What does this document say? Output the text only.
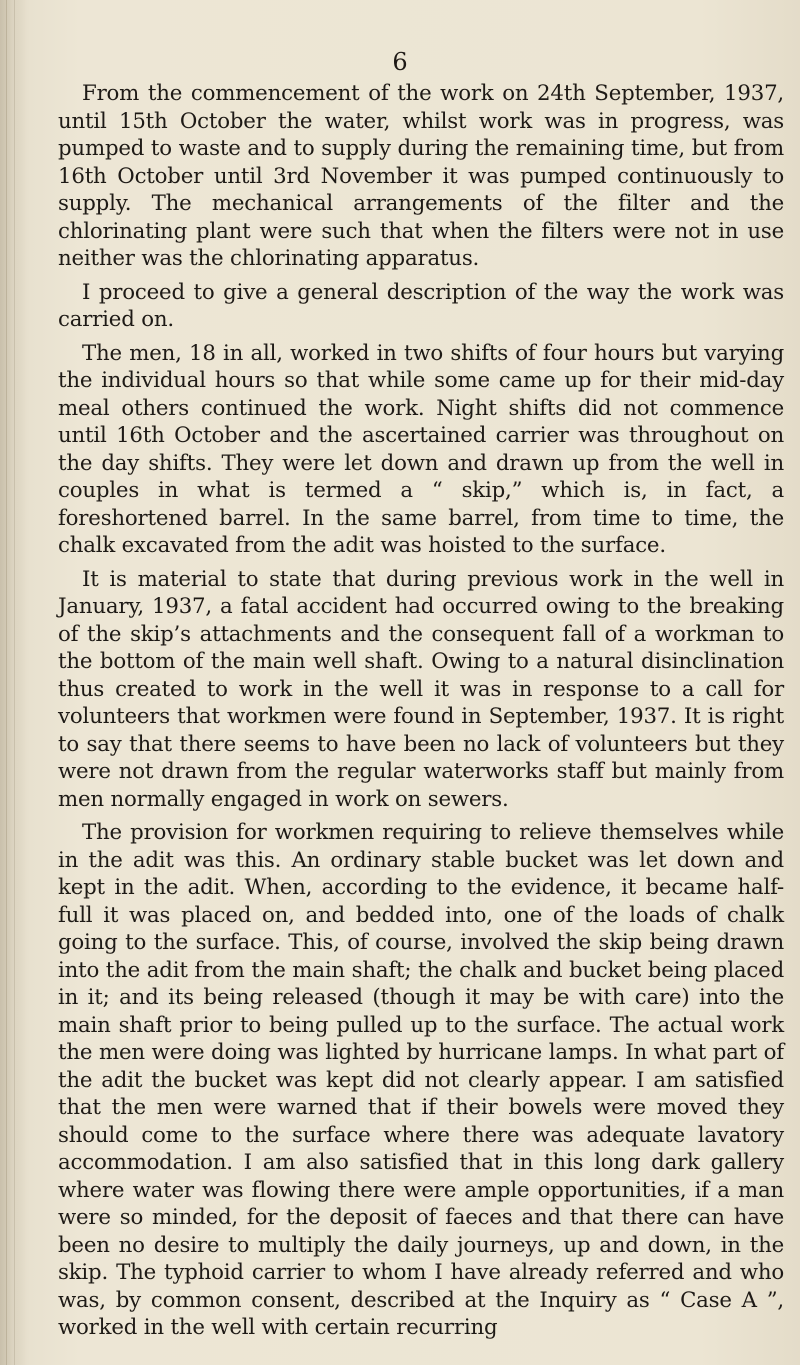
6

From the commencement of the work on 24th September, 1937, until 15th October the water, whilst work was in progress, was pumped to waste and to supply during the remaining time, but from 16th October until 3rd November it was pumped continuously to supply. The mechanical arrangements of the filter and the chlorinating plant were such that when the filters were not in use neither was the chlorinating apparatus.

I proceed to give a general description of the way the work was carried on.

The men, 18 in all, worked in two shifts of four hours but varying the individual hours so that while some came up for their mid-day meal others continued the work. Night shifts did not commence until 16th October and the ascertained carrier was throughout on the day shifts. They were let down and drawn up from the well in couples in what is termed a “ skip,” which is, in fact, a foreshortened barrel. In the same barrel, from time to time, the chalk excavated from the adit was hoisted to the surface.

It is material to state that during previous work in the well in January, 1937, a fatal accident had occurred owing to the breaking of the skip’s attachments and the consequent fall of a workman to the bottom of the main well shaft. Owing to a natural disinclination thus created to work in the well it was in response to a call for volunteers that workmen were found in September, 1937. It is right to say that there seems to have been no lack of volunteers but they were not drawn from the regular waterworks staff but mainly from men normally engaged in work on sewers.

The provision for workmen requiring to relieve themselves while in the adit was this. An ordinary stable bucket was let down and kept in the adit. When, according to the evidence, it became half-full it was placed on, and bedded into, one of the loads of chalk going to the surface. This, of course, involved the skip being drawn into the adit from the main shaft; the chalk and bucket being placed in it; and its being released (though it may be with care) into the main shaft prior to being pulled up to the surface. The actual work the men were doing was lighted by hurricane lamps. In what part of the adit the bucket was kept did not clearly appear. I am satisfied that the men were warned that if their bowels were moved they should come to the surface where there was adequate lavatory accommodation. I am also satisfied that in this long dark gallery where water was flowing there were ample opportunities, if a man were so minded, for the deposit of faeces and that there can have been no desire to multiply the daily journeys, up and down, in the skip. The typhoid carrier to whom I have already referred and who was, by common consent, described at the Inquiry as “ Case A ”, worked in the well with certain recurring
